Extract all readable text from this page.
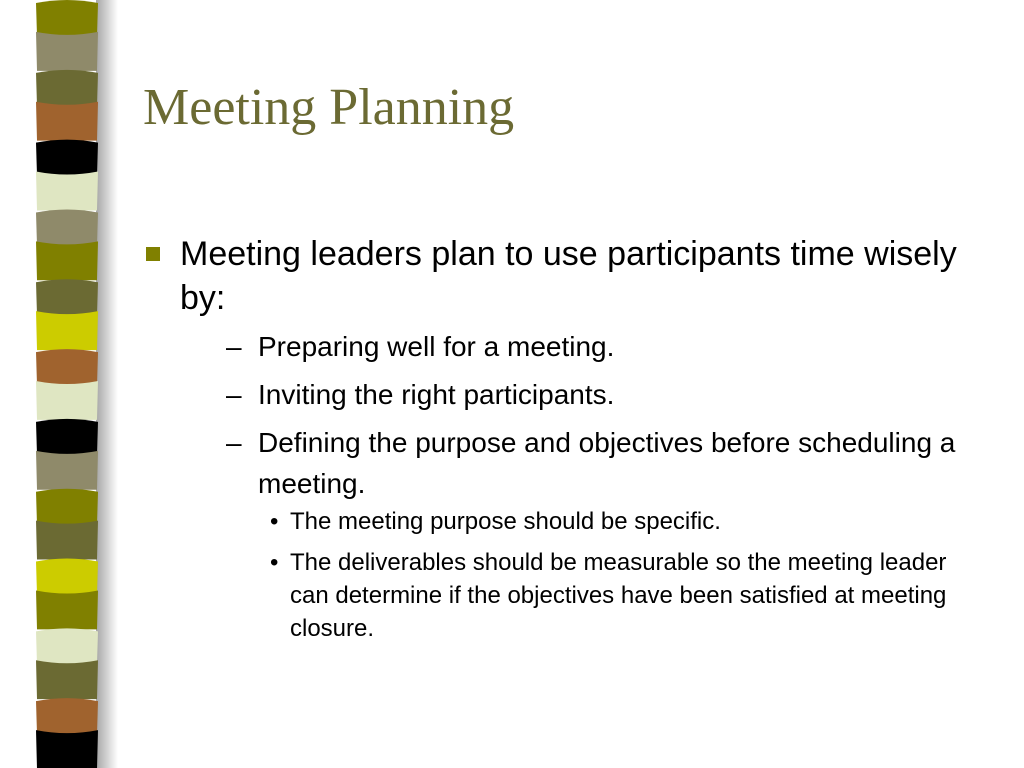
Meeting Planning
Meeting leaders plan to use participants time wisely by:
– Preparing well for a meeting.
– Inviting the right participants.
– Defining the purpose and objectives before scheduling a meeting.
• The meeting purpose should be specific.
• The deliverables should be measurable so the meeting leader can determine if the objectives have been satisfied at meeting closure.
